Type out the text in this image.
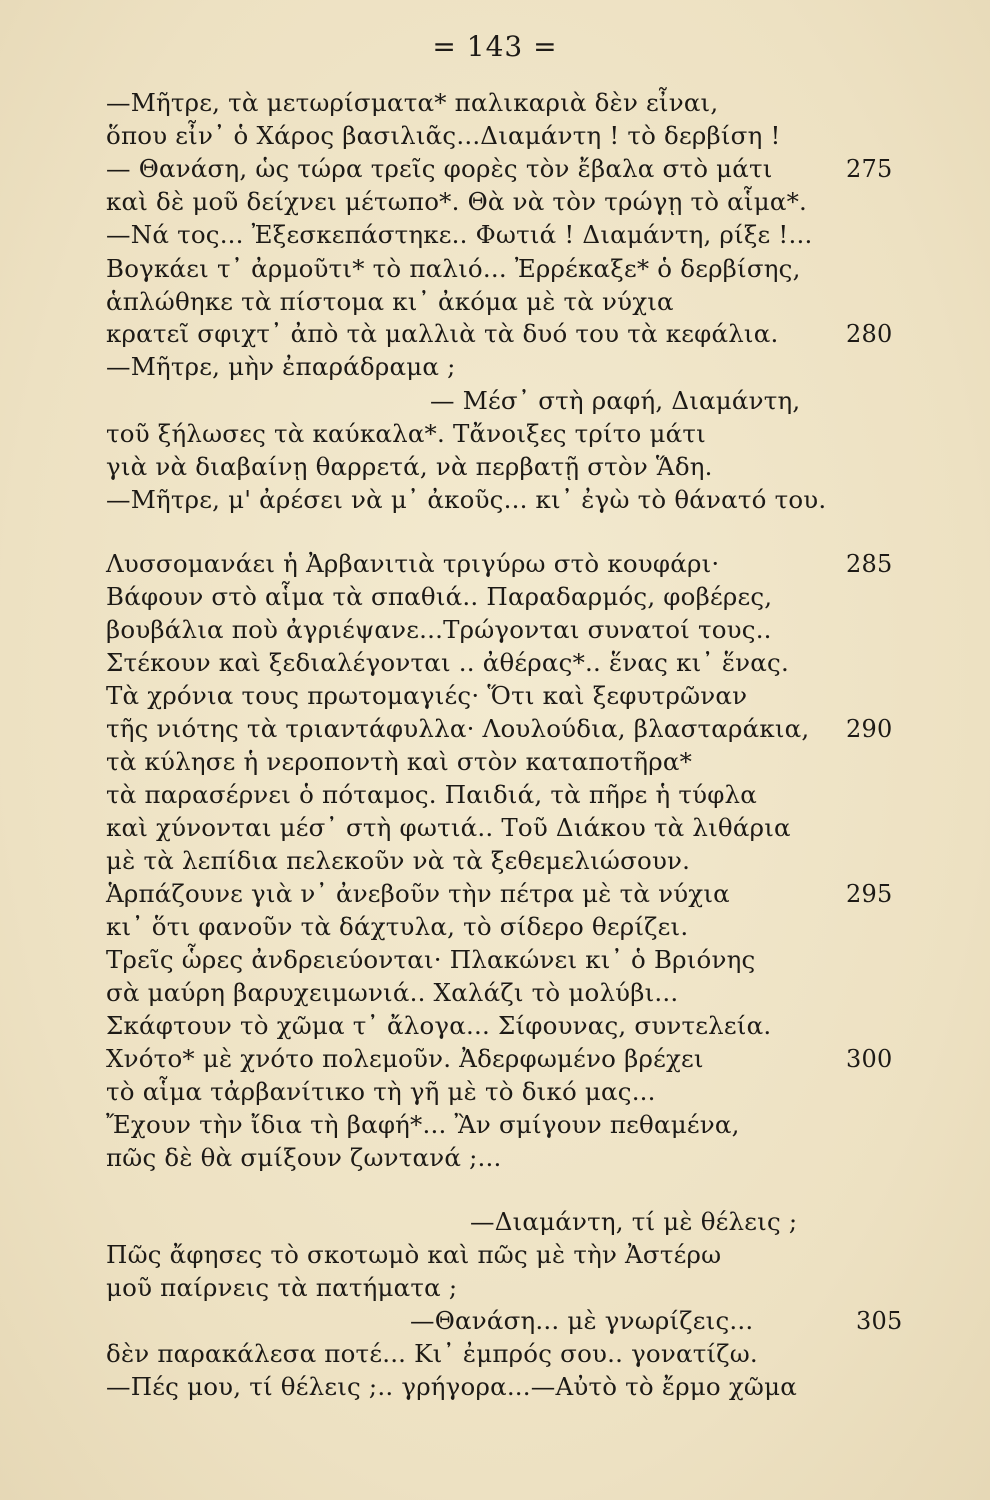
= 143 =
—Μῆτρε, τὰ μετωρίσματα* παλικαριὰ δὲν εἶναι,
ὅπου εἶν᾿ ὁ Χάρος βασιλιᾶς...Διαμάντη ! τὸ δερβίση !
— Θανάση, ὡς τώρα τρεῖς φορὲς τὸν ἔβαλα στὸ μάτι	275
καὶ δὲ μοῦ δείχνει μέτωπο*. Θὰ νὰ τὸν τρώγῃ τὸ αἷμα*.
—Νά τος... Ἐξεσκεπάστηκε.. Φωτιά ! Διαμάντη, ρίξε !...
Βογκάει τ᾿ ἀρμοῦτι* τὸ παλιό... Ἐρρέκαξε* ὁ δερβίσης,
ἁπλώθηκε τὰ πίστομα κι᾿ ἀκόμα μὲ τὰ νύχια
κρατεῖ σφιχτ᾿ ἀπὸ τὰ μαλλιὰ τὰ δυό του τὰ κεφάλια.	280
—Μῆτρε, μὴν ἐπαράδραμα ;
— Μέσ᾿ στὴ ραφή, Διαμάντη,
τοῦ ξήλωσες τὰ καύκαλα*. Τἄνοιξες τρίτο μάτι
γιὰ νὰ διαβαίνῃ θαρρετά, νὰ περβατῇ στὸν Ἅδη.
—Μῆτρε, μ' ἀρέσει νὰ μ᾿ ἀκοῦς... κι᾿ ἐγὼ τὸ θάνατό του.
Λυσσομανάει ἡ Ἀρβανιτιὰ τριγύρω στὸ κουφάρι·	285
Βάφουν στὸ αἷμα τὰ σπαθιά.. Παραδαρμός, φοβέρες,
βουβάλια ποὺ ἀγριέψανε...Τρώγονται συνατοί τους..
Στέκουν καὶ ξεδιαλέγονται .. ἀθέρας*.. ἕνας κι᾿ ἕνας.
Τὰ χρόνια τους πρωτομαγιές· Ὅτι καὶ ξεφυτρῶναν
τῆς νιότης τὰ τριαντάφυλλα· Λουλούδια, βλασταράκια, 290
τὰ κύλησε ἡ νεροποντὴ καὶ στὸν καταποτῆρα*
τὰ παρασέρνει ὁ πόταμος. Παιδιά, τὰ πῆρε ἡ τύφλα
καὶ χύνονται μέσ᾿ στὴ φωτιά.. Τοῦ Διάκου τὰ λιθάρια
μὲ τὰ λεπίδια πελεκοῦν νὰ τὰ ξεθεμελιώσουν.
Ἁρπάζουνε γιὰ ν᾿ ἀνεβοῦν τὴν πέτρα μὲ τὰ νύχια	295
κι᾿ ὅτι φανοῦν τὰ δάχτυλα, τὸ σίδερο θερίζει.
Τρεῖς ὧρες ἀνδρειεύονται· Πλακώνει κι᾿ ὁ Βριόνης
σὰ μαύρη βαρυχειμωνιά.. Χαλάζι τὸ μολύβι...
Σκάφτουν τὸ χῶμα τ᾿ ἄλογα... Σίφουνας, συντελεία.
Χνότο* μὲ χνότο πολεμοῦν. Ἀδερφωμένο βρέχει	300
τὸ αἷμα τἀρβανίτικο τὴ γῆ μὲ τὸ δικό μας...
Ἔχουν τὴν ἴδια τὴ βαφή*... Ἂν σμίγουν πεθαμένα,
πῶς δὲ θὰ σμίξουν ζωντανά ;...
—Διαμάντη, τί μὲ θέλεις ;
Πῶς ἄφησες τὸ σκοτωμὸ καὶ πῶς μὲ τὴν Ἀστέρω
μοῦ παίρνεις τὰ πατήματα ;
—Θανάση... μὲ γνωρίζεις...	305
δὲν παρακάλεσα ποτέ... Κι᾿ ἐμπρός σου.. γονατίζω.
—Πές μου, τί θέλεις ;.. γρήγορα...—Αὐτὸ τὸ ἔρμο χῶμα
